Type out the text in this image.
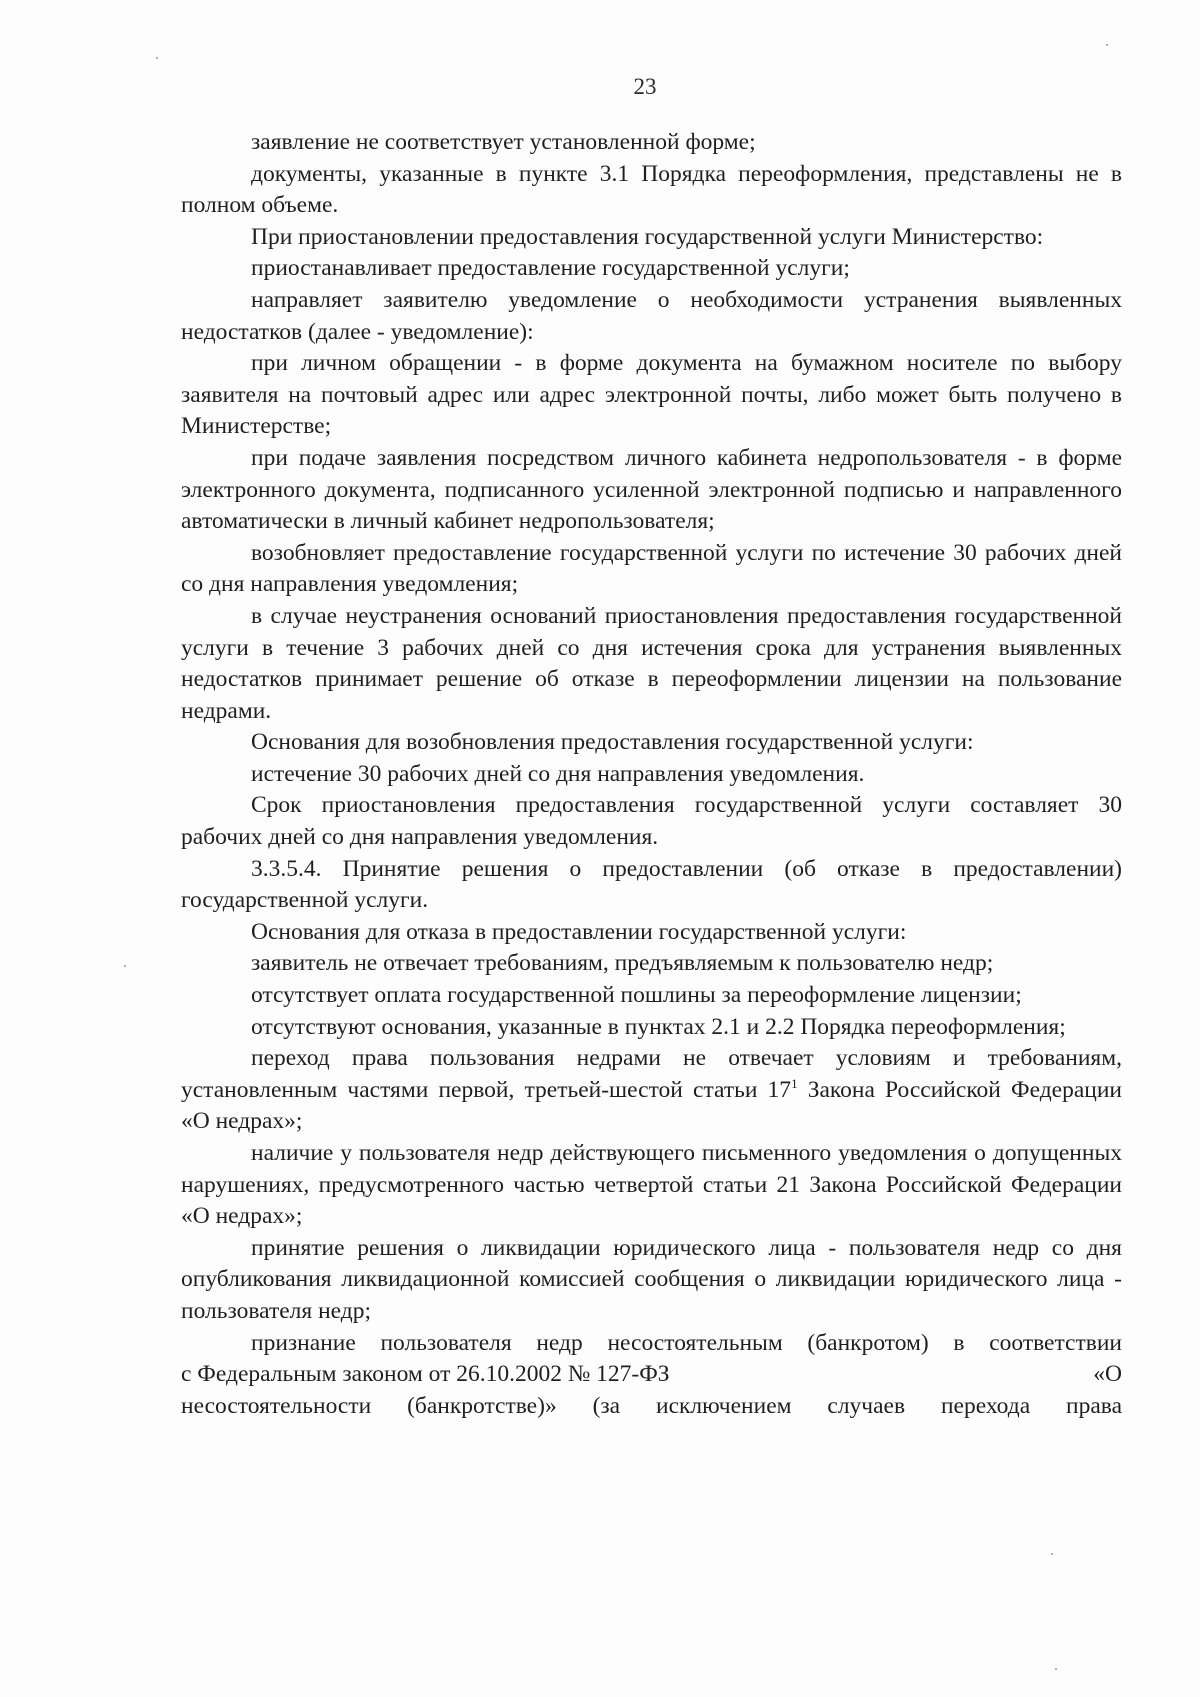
23

заявление не соответствует установленной форме;

документы, указанные в пункте 3.1 Порядка переоформления, представлены не в полном объеме.

При приостановлении предоставления государственной услуги Министерство:

приостанавливает предоставление государственной услуги;

направляет заявителю уведомление о необходимости устранения выявленных недостатков (далее - уведомление):

при личном обращении - в форме документа на бумажном носителе по выбору заявителя на почтовый адрес или адрес электронной почты, либо может быть получено в Министерстве;

при подаче заявления посредством личного кабинета недропользователя - в форме электронного документа, подписанного усиленной электронной подписью и направленного автоматически в личный кабинет недропользователя;

возобновляет предоставление государственной услуги по истечение 30 рабочих дней со дня направления уведомления;

в случае неустранения оснований приостановления предоставления государственной услуги в течение 3 рабочих дней со дня истечения срока для устранения выявленных недостатков принимает решение об отказе в переоформлении лицензии на пользование недрами.

Основания для возобновления предоставления государственной услуги:

истечение 30 рабочих дней со дня направления уведомления.

Срок приостановления предоставления государственной услуги составляет 30 рабочих дней со дня направления уведомления.

3.3.5.4. Принятие решения о предоставлении (об отказе в предоставлении) государственной услуги.

Основания для отказа в предоставлении государственной услуги:

заявитель не отвечает требованиям, предъявляемым к пользователю недр;

отсутствует оплата государственной пошлины за переоформление лицензии;

отсутствуют основания, указанные в пунктах 2.1 и 2.2 Порядка переоформления;

переход права пользования недрами не отвечает условиям и требованиям, установленным частями первой, третьей-шестой статьи $17^1$ Закона Российской Федерации «О недрах»;

наличие у пользователя недр действующего письменного уведомления о допущенных нарушениях, предусмотренного частью четвертой статьи 21 Закона Российской Федерации «О недрах»;

принятие решения о ликвидации юридического лица - пользователя недр со дня опубликования ликвидационной комиссией сообщения о ликвидации юридического лица - пользователя недр;

признание пользователя недр несостоятельным (банкротом) в соответствии
с Федеральным законом от 26.10.2002 № 127-ФЗ	«О
несостоятельности (банкротстве)» (за исключением случаев перехода права
